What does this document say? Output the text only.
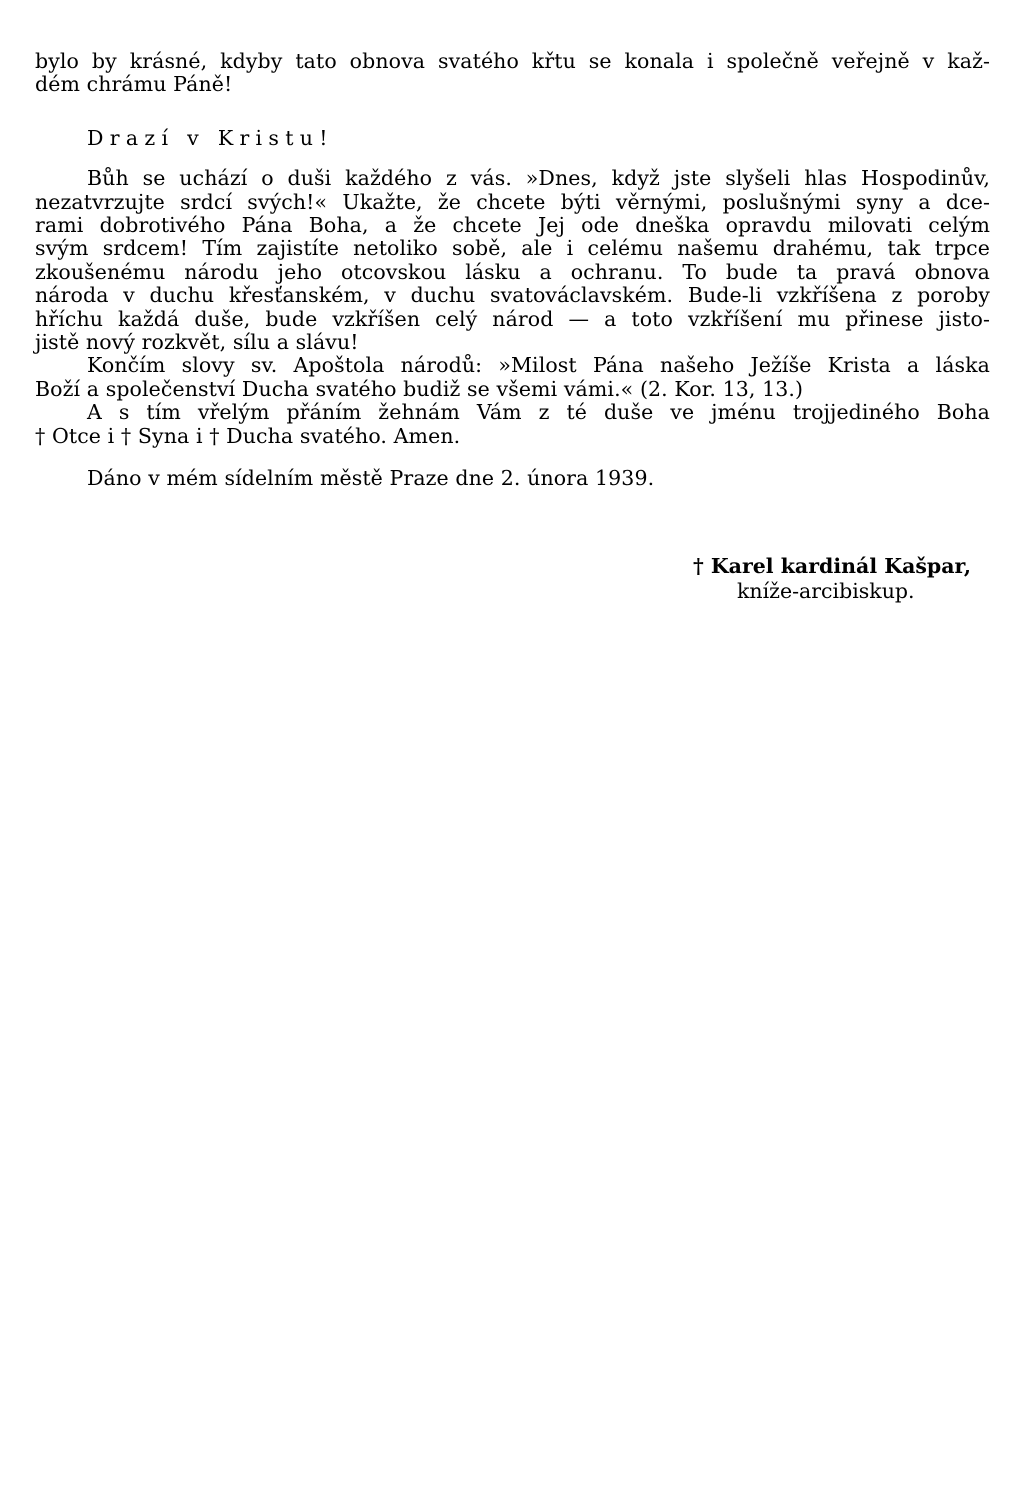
bylo by krásné, kdyby tato obnova svatého křtu se konala i společně veřejně v kaž-
dém chrámu Páně!
Drazí v Kristu!
Bůh se uchází o duši každého z vás. »Dnes, když jste slyšeli hlas Hospodinův,
nezatvrzujte srdcí svých!« Ukažte, že chcete býti věrnými, poslušnými syny a dce-
rami dobrotivého Pána Boha, a že chcete Jej ode dneška opravdu milovati celým
svým srdcem! Tím zajistíte netoliko sobě, ale i celému našemu drahému, tak trpce
zkoušenému národu jeho otcovskou lásku a ochranu. To bude ta pravá obnova
národa v duchu křesťanském, v duchu svatováclavském. Bude-li vzkříšena z poroby
hříchu každá duše, bude vzkříšen celý národ — a toto vzkříšení mu přinese jisto-
jistě nový rozkvět, sílu a slávu!
Končím slovy sv. Apoštola národů: »Milost Pána našeho Ježíše Krista a láska
Boží a společenství Ducha svatého budiž se všemi vámi.« (2. Kor. 13, 13.)
A s tím vřelým přáním žehnám Vám z té duše ve jménu trojjediného Boha
† Otce i † Syna i † Ducha svatého. Amen.
Dáno v mém sídelním městě Praze dne 2. února 1939.
† Karel kardinál Kašpar,
kníže-arcibiskup.
